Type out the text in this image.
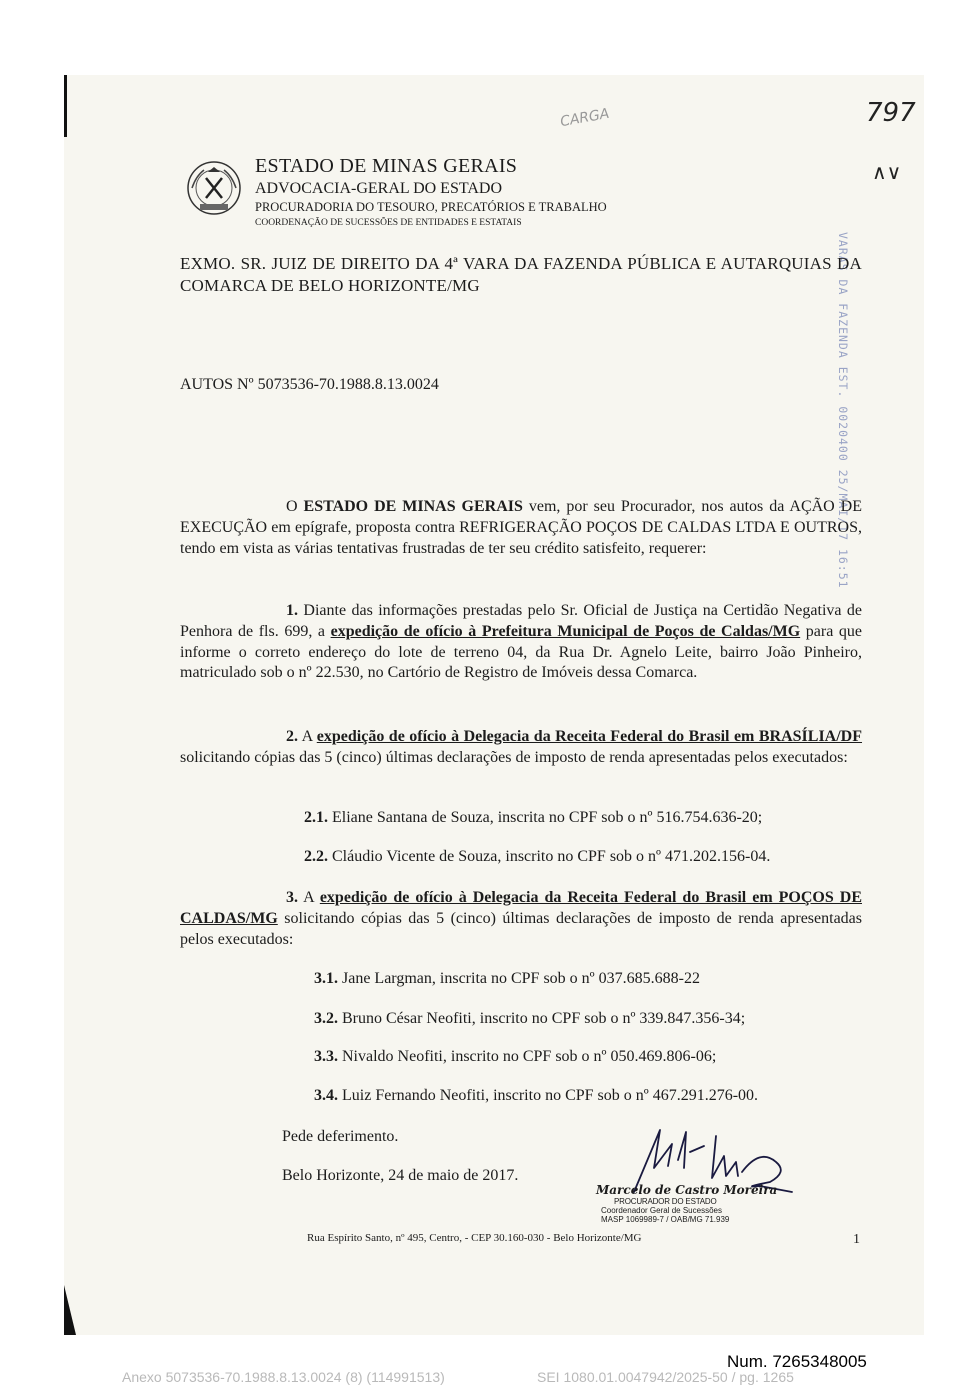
CARGA	797
∧∨
ESTADO DE MINAS GERAIS
ADVOCACIA-GERAL DO ESTADO
PROCURADORIA DO TESOURO, PRECATÓRIOS E TRABALHO
COORDENAÇÃO DE SUCESSÕES DE ENTIDADES E ESTATAIS
VARAS DA FAZENDA EST. 0020400 25/MAI/17 16:51

EXMO. SR. JUIZ DE DIREITO DA 4ª VARA DA FAZENDA PÚBLICA E AUTARQUIAS DA COMARCA DE BELO HORIZONTE/MG

AUTOS Nº 5073536-70.1988.8.13.0024

O ESTADO DE MINAS GERAIS vem, por seu Procurador, nos autos da AÇÃO DE EXECUÇÃO em epígrafe, proposta contra REFRIGERAÇÃO POÇOS DE CALDAS LTDA E OUTROS, tendo em vista as várias tentativas frustradas de ter seu crédito satisfeito, requerer:

1. Diante das informações prestadas pelo Sr. Oficial de Justiça na Certidão Negativa de Penhora de fls. 699, a expedição de ofício à Prefeitura Municipal de Poços de Caldas/MG para que informe o correto endereço do lote de terreno 04, da Rua Dr. Agnelo Leite, bairro João Pinheiro, matriculado sob o nº 22.530, no Cartório de Registro de Imóveis dessa Comarca.

2. A expedição de ofício à Delegacia da Receita Federal do Brasil em BRASÍLIA/DF solicitando cópias das 5 (cinco) últimas declarações de imposto de renda apresentadas pelos executados:

2.1. Eliane Santana de Souza, inscrita no CPF sob o nº 516.754.636-20;
2.2. Cláudio Vicente de Souza, inscrito no CPF sob o nº 471.202.156-04.

3. A expedição de ofício à Delegacia da Receita Federal do Brasil em POÇOS DE CALDAS/MG solicitando cópias das 5 (cinco) últimas declarações de imposto de renda apresentadas pelos executados:

3.1. Jane Largman, inscrita no CPF sob o nº 037.685.688-22
3.2. Bruno César Neofiti, inscrito no CPF sob o nº 339.847.356-34;
3.3. Nivaldo Neofiti, inscrito no CPF sob o nº 050.469.806-06;
3.4. Luiz Fernando Neofiti, inscrito no CPF sob o nº 467.291.276-00.
Pede deferimento.
Belo Horizonte, 24 de maio de 2017.
Marcelo de Castro Moreira
PROCURADOR DO ESTADO
Coordenador Geral de Sucessões
MASP 1069989-7 / OAB/MG 71.939
Rua Espírito Santo, nº 495, Centro, - CEP 30.160-030 - Belo Horizonte/MG	1
Num. 7265348005
Anexo 5073536-70.1988.8.13.0024 (8) (114991513)	SEI 1080.01.0047942/2025-50 / pg. 1265
